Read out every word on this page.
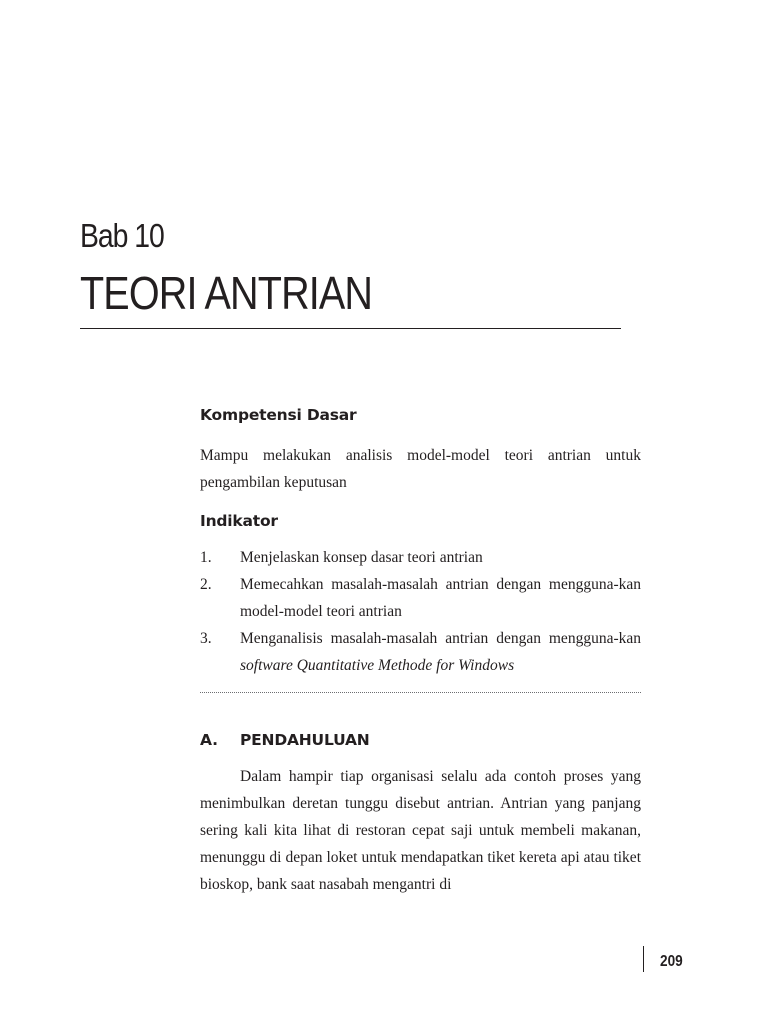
Bab 10
TEORI ANTRIAN
Kompetensi Dasar

Mampu melakukan analisis model-model teori antrian untuk pengambilan keputusan

Indikator
1.	Menjelaskan konsep dasar teori antrian
2.	Memecahkan masalah-masalah antrian dengan mengguna-kan model-model teori antrian
3.	Menganalisis masalah-masalah antrian dengan mengguna-kan software Quantitative Methode for Windows
A.	PENDAHULUAN

Dalam hampir tiap organisasi selalu ada contoh proses yang menimbulkan deretan tunggu disebut antrian. Antrian yang panjang sering kali kita lihat di restoran cepat saji untuk membeli makanan, menunggu di depan loket untuk mendapatkan tiket kereta api atau tiket bioskop, bank saat nasabah mengantri di

209
